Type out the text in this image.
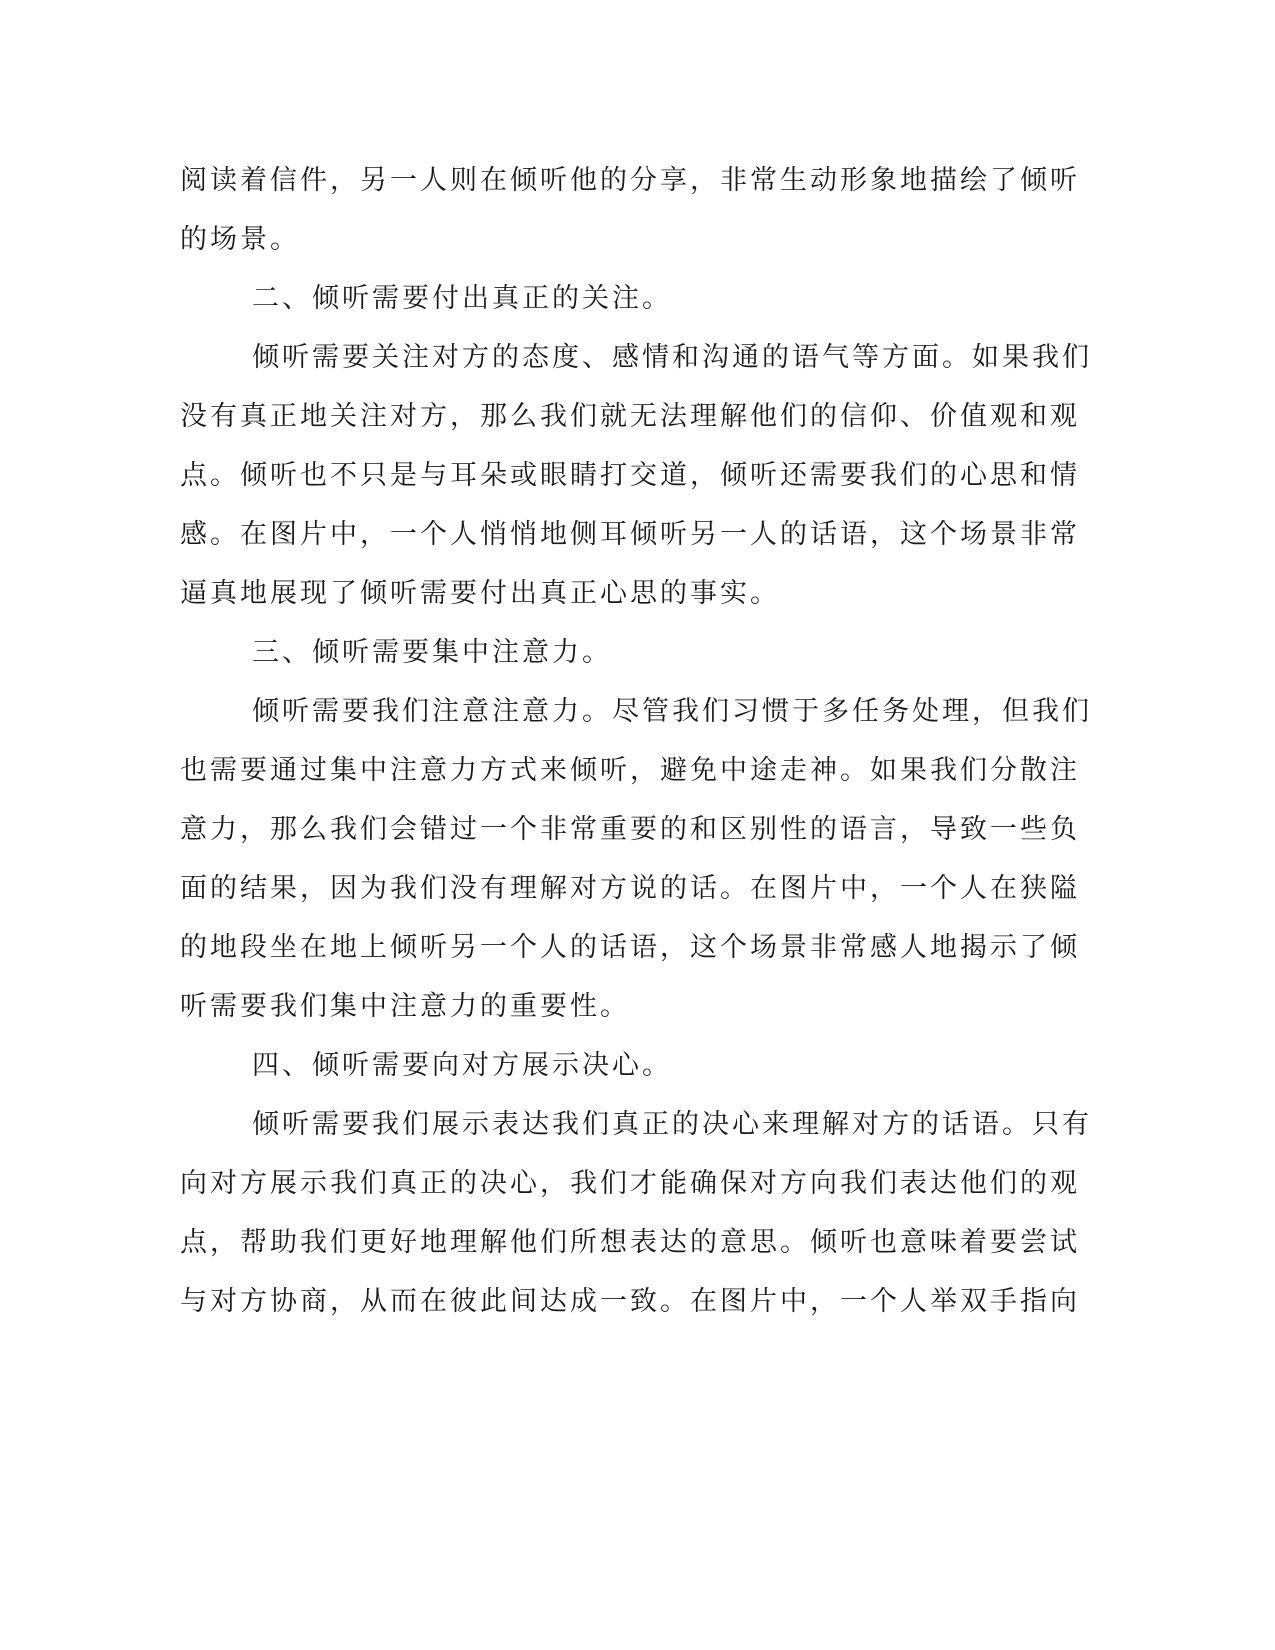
阅读着信件，另一人则在倾听他的分享，非常生动形象地描绘了倾听
的场景。
二、倾听需要付出真正的关注。
倾听需要关注对方的态度、感情和沟通的语气等方面。如果我们
没有真正地关注对方，那么我们就无法理解他们的信仰、价值观和观
点。倾听也不只是与耳朵或眼睛打交道，倾听还需要我们的心思和情
感。在图片中，一个人悄悄地侧耳倾听另一人的话语，这个场景非常
逼真地展现了倾听需要付出真正心思的事实。
三、倾听需要集中注意力。
倾听需要我们注意注意力。尽管我们习惯于多任务处理，但我们
也需要通过集中注意力方式来倾听，避免中途走神。如果我们分散注
意力，那么我们会错过一个非常重要的和区别性的语言，导致一些负
面的结果，因为我们没有理解对方说的话。在图片中，一个人在狭隘
的地段坐在地上倾听另一个人的话语，这个场景非常感人地揭示了倾
听需要我们集中注意力的重要性。
四、倾听需要向对方展示决心。
倾听需要我们展示表达我们真正的决心来理解对方的话语。只有
向对方展示我们真正的决心，我们才能确保对方向我们表达他们的观
点，帮助我们更好地理解他们所想表达的意思。倾听也意味着要尝试
与对方协商，从而在彼此间达成一致。在图片中，一个人举双手指向
